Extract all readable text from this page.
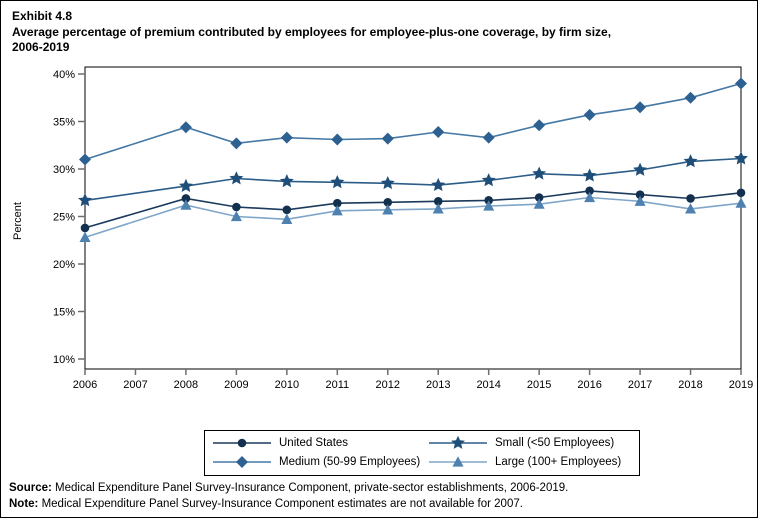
Exhibit 4.8
Average percentage of premium contributed by employees for employee-plus-one coverage, by firm size,
2006-2019
40%
35%
30%
25%
20%
15%
10%
Percent
2006 2007 2008 2009 2010 2011 2012 2013 2014 2015 2016 2017 2018 2019
United States	Small (<50 Employees)
Medium (50-99 Employees)	Large (100+ Employees)
Source: Medical Expenditure Panel Survey-Insurance Component, private-sector establishments, 2006-2019.
Note: Medical Expenditure Panel Survey-Insurance Component estimates are not available for 2007.
